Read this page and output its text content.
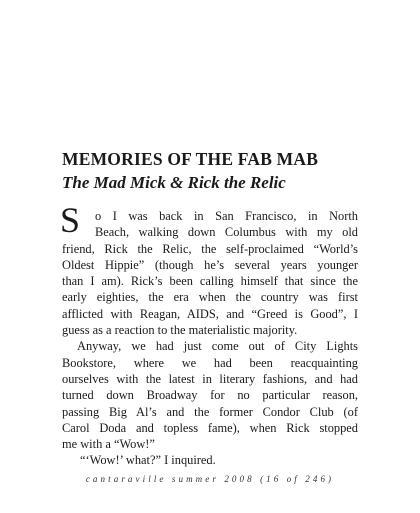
MEMORIES OF THE FAB MAB
The Mad Mick & Rick the Relic
S	o I was back in San Francisco, in North
Beach, walking down Columbus with my old
friend, Rick the Relic, the self-proclaimed “World’s
Oldest Hippie” (though he’s several years younger
than I am). Rick’s been calling himself that since the
early eighties, the era when the country was first
afflicted with Reagan, AIDS, and “Greed is Good”, I
guess as a reaction to the materialistic majority.
Anyway, we had just come out of City Lights
Bookstore, where we had been reacquainting
ourselves with the latest in literary fashions, and had
turned down Broadway for no particular reason,
passing Big Al’s and the former Condor Club (of
Carol Doda and topless fame), when Rick stopped
me with a “Wow!”
“‘Wow!’ what?” I inquired.
cantaraville summer 2008 (16 of 246)
